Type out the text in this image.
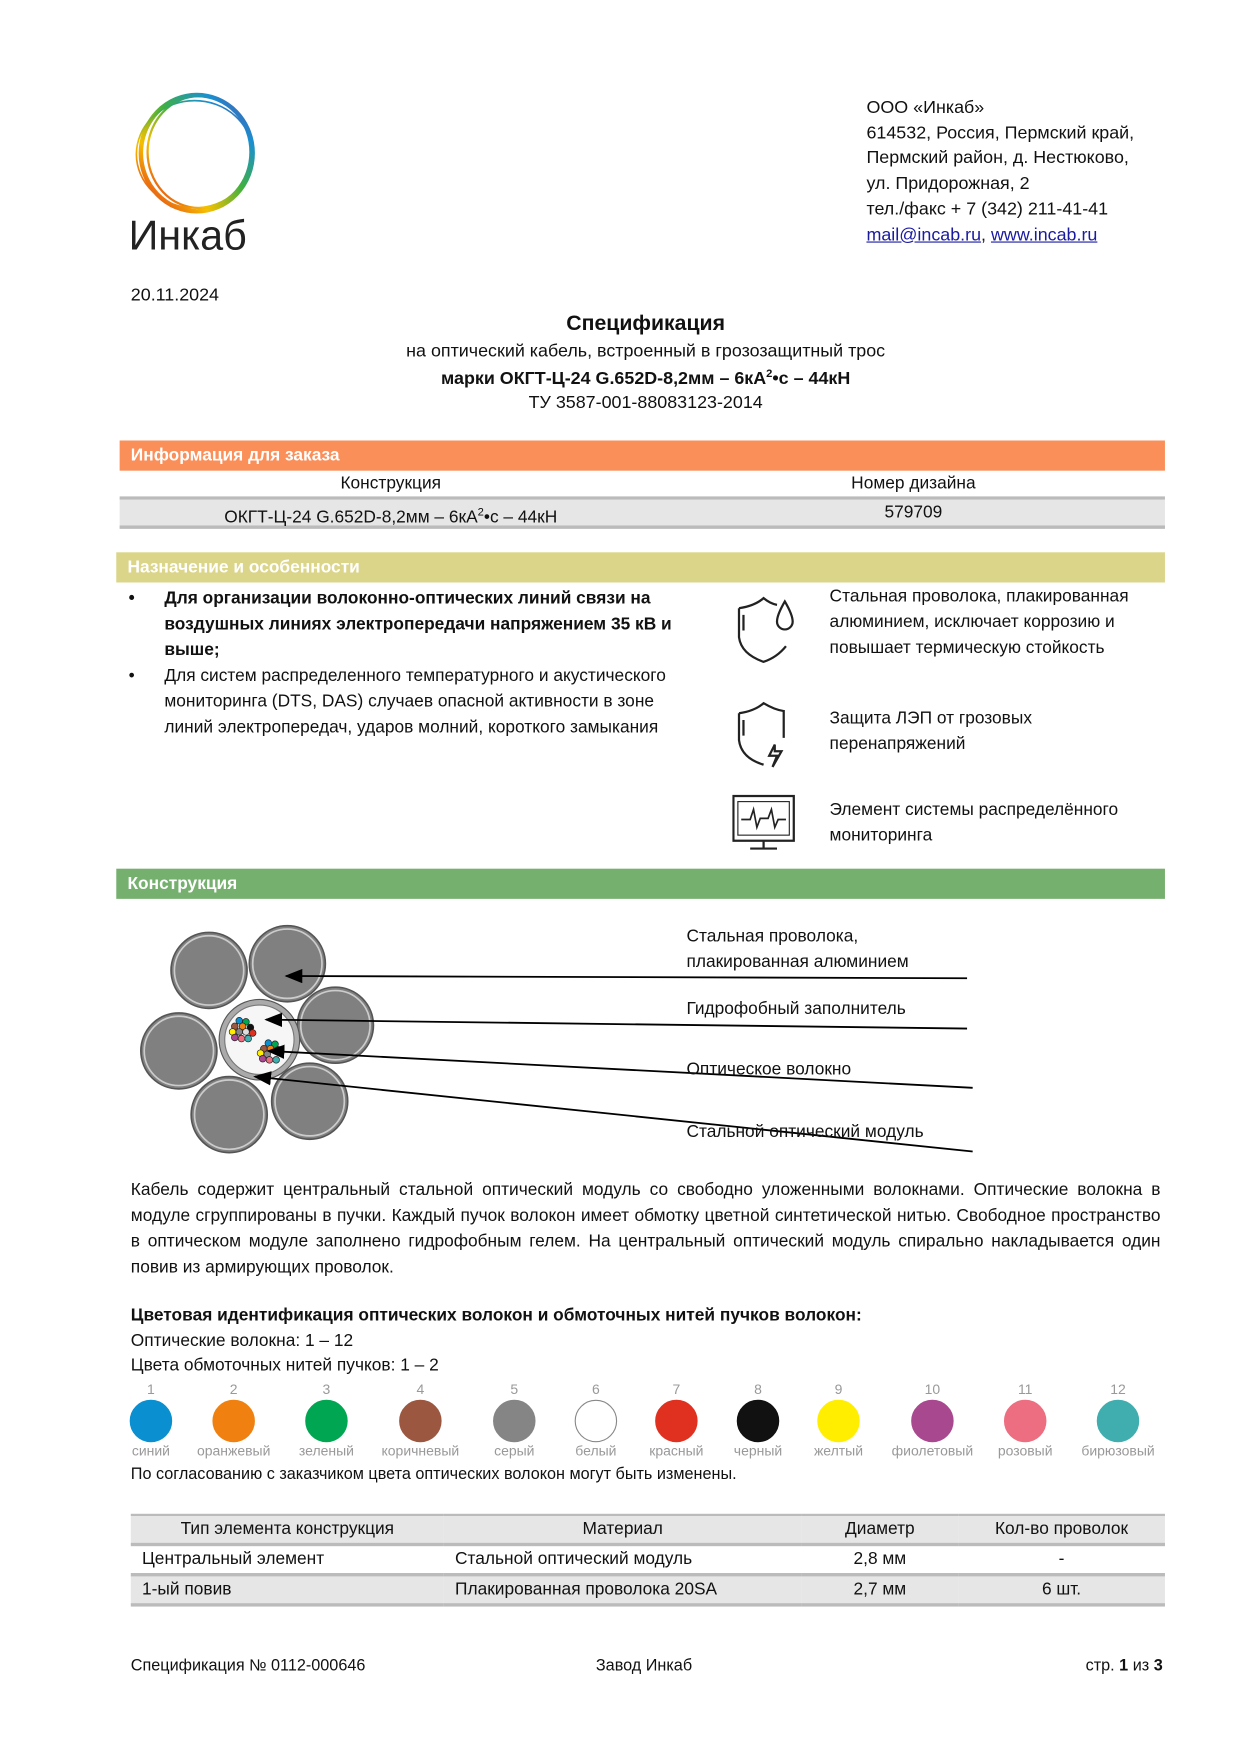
Инкаб
ООО «Инкаб»
614532, Россия, Пермский край,
Пермский район, д. Нестюково,
ул. Придорожная, 2
тел./факс + 7 (342) 211-41-41
mail@incab.ru, www.incab.ru
20.11.2024
Спецификация
на оптический кабель, встроенный в грозозащитный трос
марки ОКГТ-Ц-24 $G.652D-8,2мм - 6кА^2•с - 44кН$
ТУ 3587-001-88083123-2014
Информация для заказа
Конструкция	Номер дизайна
ОКГТ-Ц-24 $G.652D-8,2мм - 6кА^2•с - 44кН$	579709
Назначение и особенности
•	Для организации волоконно-оптических линий связи на воздушных линиях электропередачи напряжением 35 кВ и выше;
•	Для систем распределенного температурного и акустического мониторинга (DTS, DAS) случаев опасной активности в зоне линий электропередач, ударов молний, короткого замыкания
Стальная проволока, плакированная алюминием, исключает коррозию и повышает термическую стойкость
Защита ЛЭП от грозовых перенапряжений
Элемент системы распределённого мониторинга
Конструкция
Стальная проволока, плакированная алюминием
Гидрофобный заполнитель
Оптическое волокно
Стальной оптический модуль
Кабель содержит центральный стальной оптический модуль со свободно уложенными волокнами. Оптические волокна в модуле сгруппированы в пучки. Каждый пучок волокон имеет обмотку цветной синтетической нитью. Свободное пространство в оптическом модуле заполнено гидрофобным гелем. На центральный оптический модуль спирально накладывается один повив из армирующих проволок.
Цветовая идентификация оптических волокон и обмоточных нитей пучков волокон:
Оптические волокна: 1 – 12
Цвета обмоточных нитей пучков: 1 – 2
1
синий
2
оранжевый
3
зеленый
4
коричневый
5
серый
6
белый
7
красный
8
черный
9
желтый
10
фиолетовый
11
розовый
12
бирюзовый
По согласованию с заказчиком цвета оптических волокон могут быть изменены.
Тип элемента конструкция	Материал	Диаметр	Кол-во проволок
Центральный элемент	Стальной оптический модуль	2,8 мм	-
1-ый повив	Плакированная проволока 20SA	2,7 мм	6 шт.
Спецификация № 0112-000646	Завод Инкаб	стр. 1 из 3
